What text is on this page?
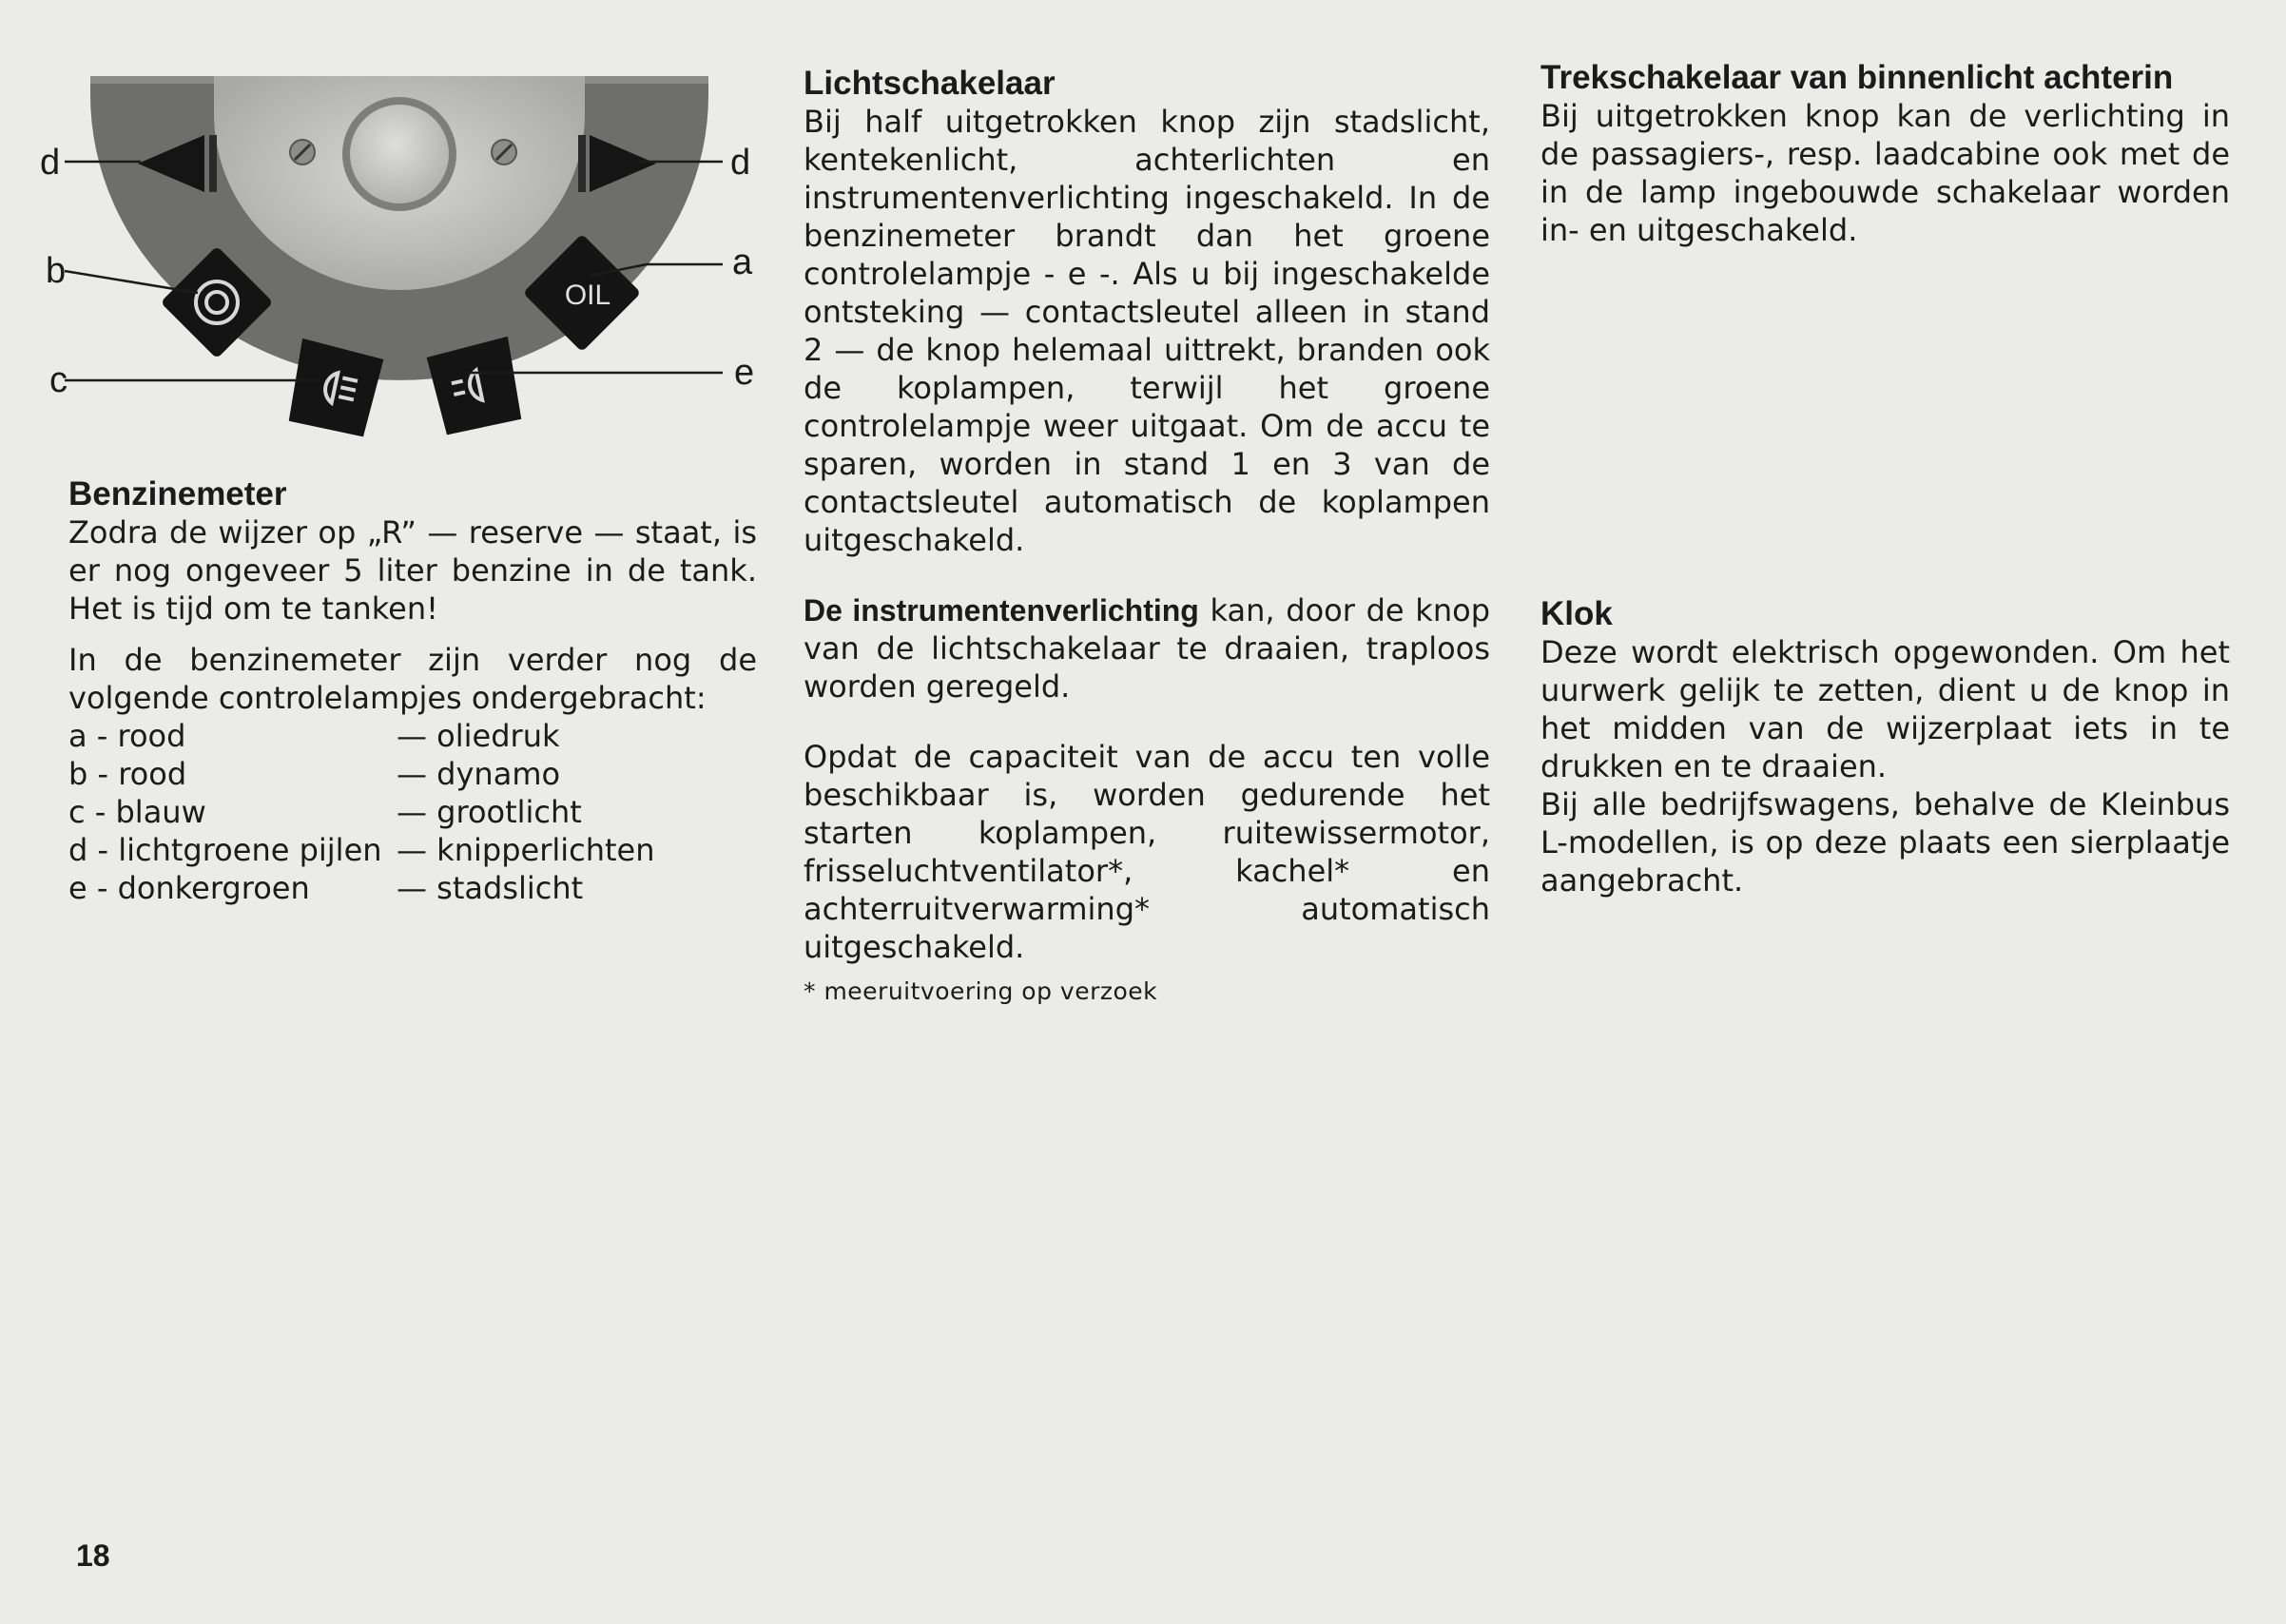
OIL
d	d
b	a
c	e
Benzinemeter

Zodra de wijzer op „R” — reserve — staat, is er nog ongeveer 5 liter benzine in de tank. Het is tijd om te tanken!

In de benzinemeter zijn verder nog de volgende controlelampjes ondergebracht:

a - rood	— oliedruk
b - rood	— dynamo
c - blauw	— grootlicht
d - lichtgroene pijlen — knipperlichten
e - donkergroen	— stadslicht
Lichtschakelaar

Bij half uitgetrokken knop zijn stadslicht, kentekenlicht, achterlichten en instrumentenverlichting ingeschakeld. In de benzinemeter brandt dan het groene controlelampje - e -. Als u bij ingeschakelde ontsteking — contactsleutel alleen in stand 2 — de knop helemaal uittrekt, branden ook de koplampen, terwijl het groene controlelampje weer uitgaat. Om de accu te sparen, worden in stand 1 en 3 van de contactsleutel automatisch de koplampen uitgeschakeld.

De instrumentenverlichting kan, door de knop van de lichtschakelaar te draaien, traploos worden geregeld.

Opdat de capaciteit van de accu ten volle beschikbaar is, worden gedurende het starten koplampen, ruitewissermotor, frisseluchtventilator*, kachel* en achterruitverwarming* automatisch uitgeschakeld.

* meeruitvoering op verzoek

Trekschakelaar van binnenlicht achterin

Bij uitgetrokken knop kan de verlichting in de passagiers-, resp. laadcabine ook met de in de lamp ingebouwde schakelaar worden in- en uitgeschakeld.

Klok

Deze wordt elektrisch opgewonden. Om het uurwerk gelijk te zetten, dient u de knop in het midden van de wijzerplaat iets in te drukken en te draaien.

Bij alle bedrijfswagens, behalve de Kleinbus L-modellen, is op deze plaats een sierplaatje aangebracht.

18
